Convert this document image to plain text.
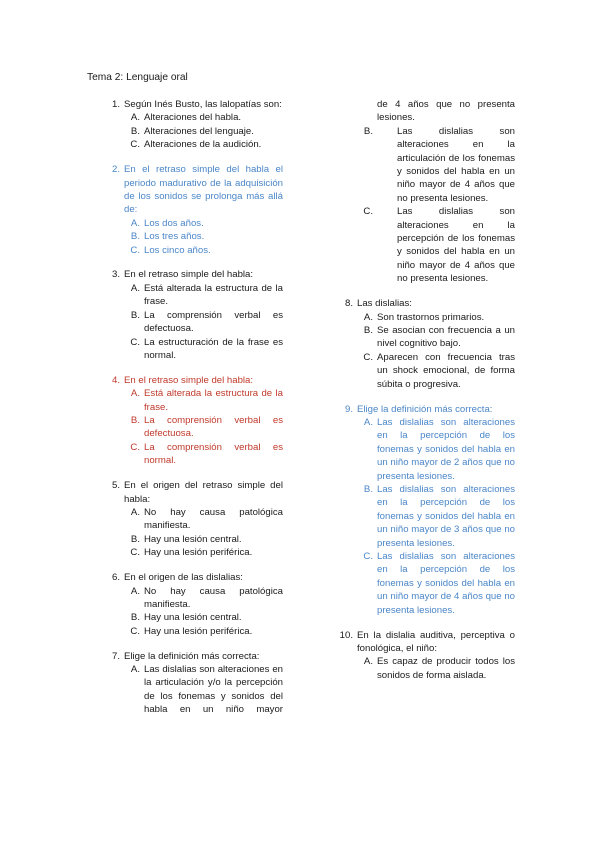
Tema 2: Lenguaje oral
1. Según Inés Busto, las lalopatías son:
A. Alteraciones del habla.
B. Alteraciones del lenguaje.
C. Alteraciones de la audición.
2. En el retraso simple del habla el periodo madurativo de la adquisición de los sonidos se prolonga más allá de:
A. Los dos años.
B. Los tres años.
C. Los cinco años.
3. En el retraso simple del habla:
A. Está alterada la estructura de la frase.
B. La comprensión verbal es defectuosa.
C. La estructuración de la frase es normal.
4. En el retraso simple del habla:
A. Está alterada la estructura de la frase.
B. La comprensión verbal es defectuosa.
C. La comprensión verbal es normal.
5. En el origen del retraso simple del habla:
A. No hay causa patológica manifiesta.
B. Hay una lesión central.
C. Hay una lesión periférica.
6. En el origen de las dislalias:
A. No hay causa patológica manifiesta.
B. Hay una lesión central.
C. Hay una lesión periférica.
7. Elige la definición más correcta:
A. Las dislalias son alteraciones en la articulación y/o la percepción de los fonemas y sonidos del habla en un niño mayor
de 4 años que no presenta lesiones.
B.	Las dislalias son alteraciones en la articulación de los fonemas y sonidos del habla en un niño mayor de 4 años que no presenta lesiones.
C.	Las dislalias son alteraciones en la percepción de los fonemas y sonidos del habla en un niño mayor de 4 años que no presenta lesiones.
8. Las dislalias:
A. Son trastornos primarios.
B. Se asocian con frecuencia a un nivel cognitivo bajo.
C. Aparecen con frecuencia tras un shock emocional, de forma súbita o progresiva.
9. Elige la definición más correcta:
A. Las dislalias son alteraciones en la percepción de los fonemas y sonidos del habla en un niño mayor de 2 años que no presenta lesiones.
B. Las dislalias son alteraciones en la percepción de los fonemas y sonidos del habla en un niño mayor de 3 años que no presenta lesiones.
C. Las dislalias son alteraciones en la percepción de los fonemas y sonidos del habla en un niño mayor de 4 años que no presenta lesiones.
10. En la dislalia auditiva, perceptiva o fonológica, el niño:
A. Es capaz de producir todos los sonidos de forma aislada.
